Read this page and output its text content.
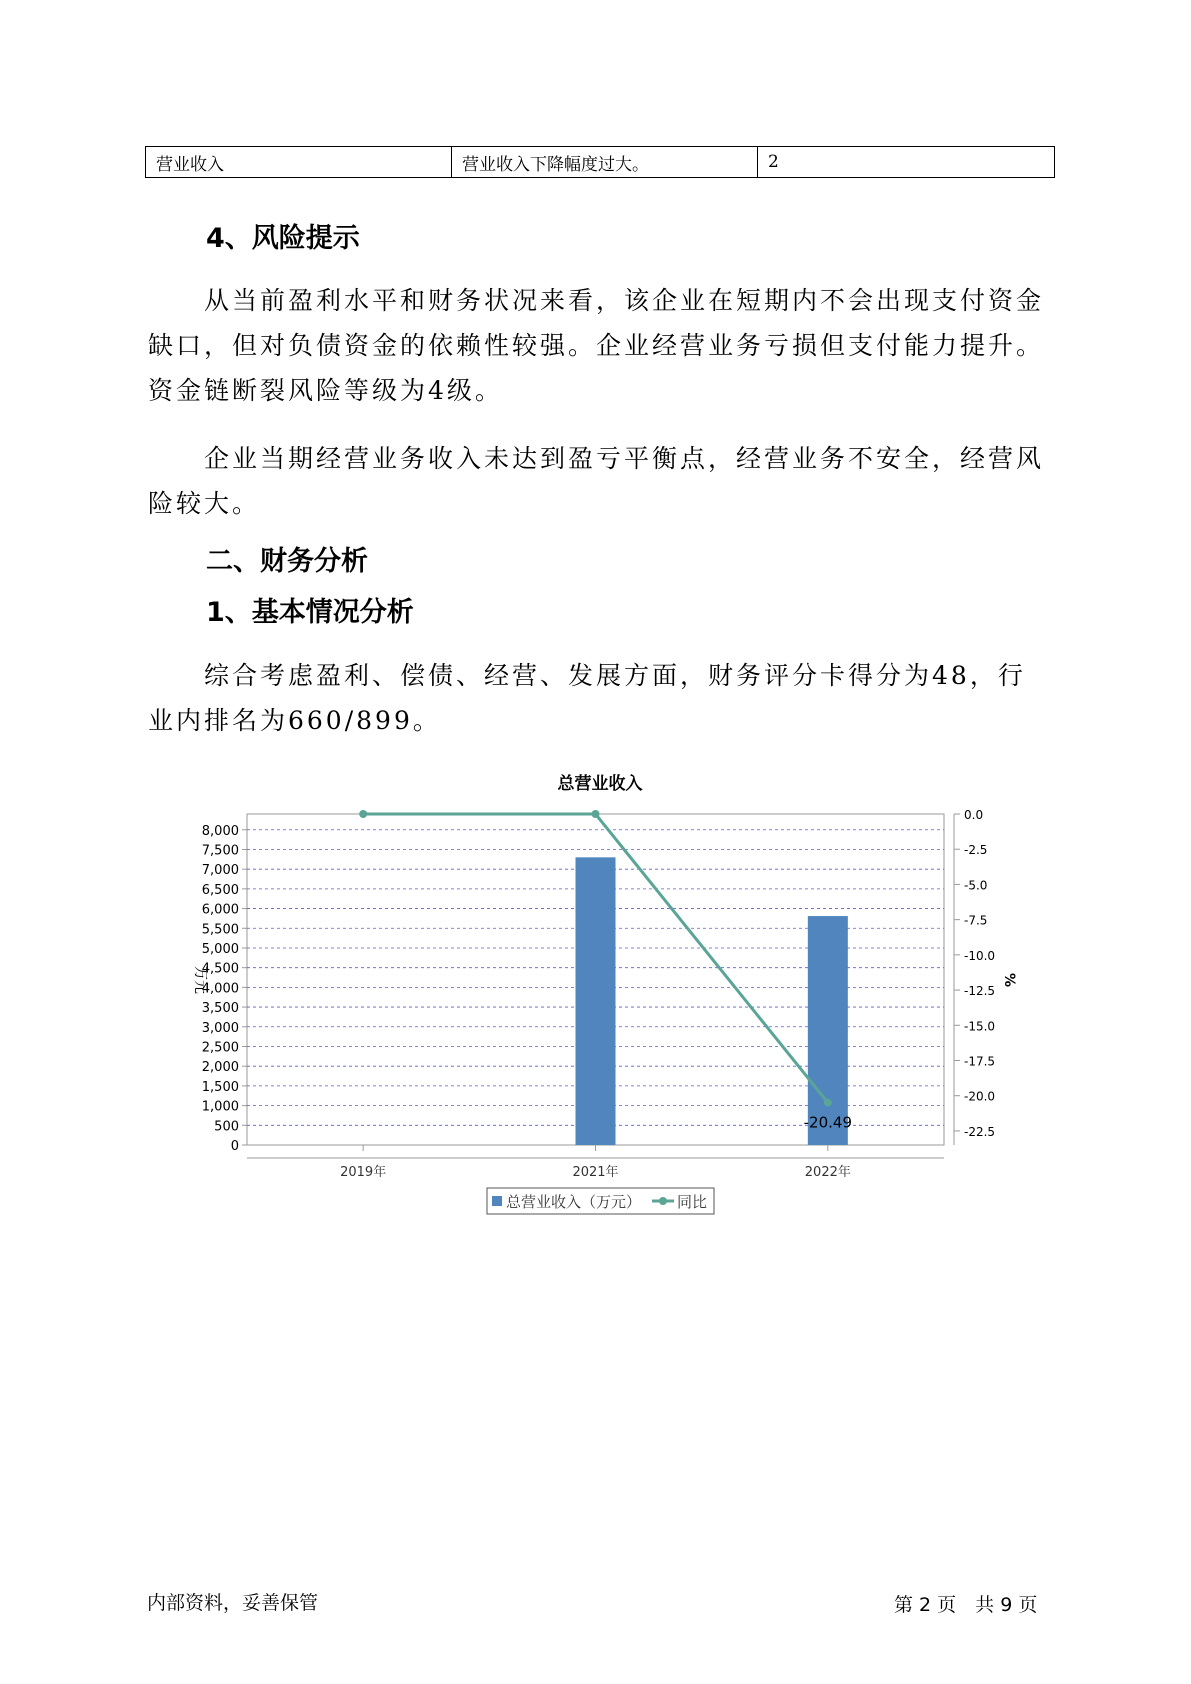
营业收入	营业收入下降幅度过大。	2
4、风险提示
从当前盈利水平和财务状况来看，该企业在短期内不会出现支付资金缺口，但对负债资金的依赖性较强。企业经营业务亏损但支付能力提升。资金链断裂风险等级为4级。
企业当期经营业务收入未达到盈亏平衡点，经营业务不安全，经营风险较大。
二、财务分析
1、基本情况分析
综合考虑盈利、偿债、经营、发展方面，财务评分卡得分为48，行业内排名为660/899。
总营业收入
0
500
1,000
1,500
2,000
2,500
3,000
3,500
4,000
4,500
5,000
5,500
6,000
6,500
7,000
7,500
8,000
0.0
-2.5
-5.0
-7.5
-10.0
-12.5
-15.0
-17.5
-20.0
-22.5
-20.49
2019年	2021年	2022年
万元	%
总营业收入（万元） 同比
内部资料，妥善保管	第 2 页　共 9 页
